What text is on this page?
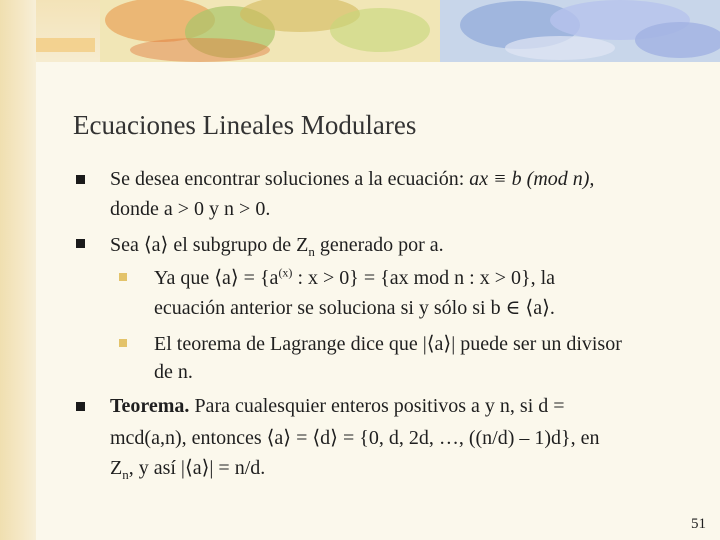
Ecuaciones Lineales Modulares
Se desea encontrar soluciones a la ecuación: ax ≡ b (mod n),
donde a > 0 y n > 0.
Sea ⟨a⟩ el subgrupo de $Z_n$ generado por a.
Ya que ⟨a⟩ = {$a^{(x)}$ : x > 0} = {ax mod n : x > 0}, la
ecuación anterior se soluciona si y sólo si b ∈ ⟨a⟩.
El teorema de Lagrange dice que |⟨a⟩| puede ser un divisor
de n.
Teorema. Para cualesquier enteros positivos a y n, si d =
mcd(a,n), entonces ⟨a⟩ = ⟨d⟩ = {0, d, 2d, …, ((n/d) – 1)d}, en
$Z_n$, y así |⟨a⟩| = n/d.
51
